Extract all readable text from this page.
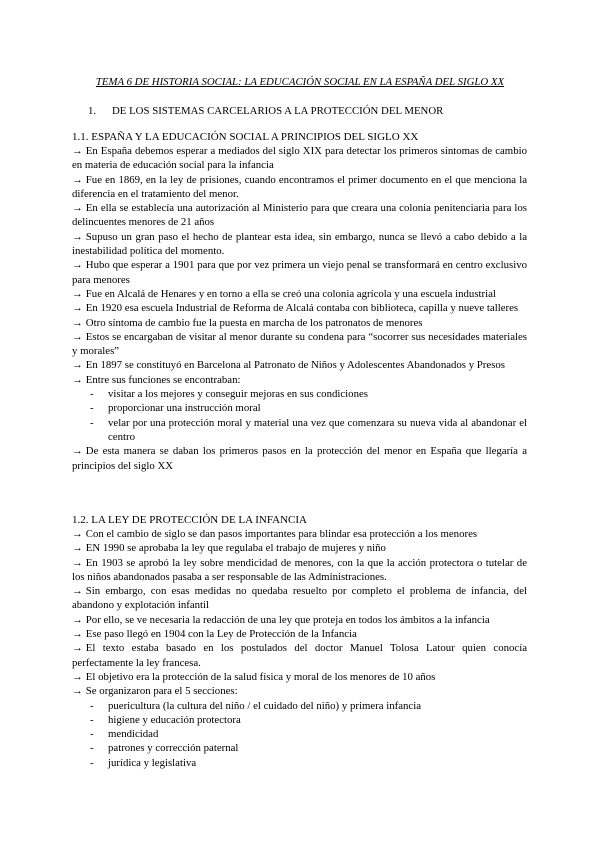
TEMA 6 DE HISTORIA SOCIAL: LA EDUCACIÓN SOCIAL EN LA ESPAÑA DEL SIGLO XX
1. DE LOS SISTEMAS CARCELARIOS A LA PROTECCIÓN DEL MENOR

1.1. ESPAÑA Y LA EDUCACIÓN SOCIAL A PRINCIPIOS DEL SIGLO XX

→ En España debemos esperar a mediados del siglo XIX para detectar los primeros síntomas de cambio en materia de educación social para la infancia

→ Fue en 1869, en la ley de prisiones, cuando encontramos el primer documento en el que menciona la diferencia en el tratamiento del menor.

→ En ella se establecía una autorización al Ministerio para que creara una colonia penitenciaria para los delincuentes menores de 21 años

→ Supuso un gran paso el hecho de plantear esta idea, sin embargo, nunca se llevó a cabo debido a la inestabilidad política del momento.

→ Hubo que esperar a 1901 para que por vez primera un viejo penal se transformará en centro exclusivo para menores

→ Fue en Alcalá de Henares y en torno a ella se creó una colonia agrícola y una escuela industrial

→ En 1920 esa escuela Industrial de Reforma de Alcalá contaba con biblioteca, capilla y nueve talleres

→ Otro síntoma de cambio fue la puesta en marcha de los patronatos de menores

→ Estos se encargaban de visitar al menor durante su condena para “socorrer sus necesidades materiales y morales”

→ En 1897 se constituyó en Barcelona al Patronato de Niños y Adolescentes Abandonados y Presos

→ Entre sus funciones se encontraban:

- visitar a los mejores y conseguir mejoras en sus condiciones
- proporcionar una instrucción moral
- velar por una protección moral y material una vez que comenzara su nueva vida al abandonar el centro

→ De esta manera se daban los primeros pasos en la protección del menor en España que llegaría a principios del siglo XX

1.2. LA LEY DE PROTECCIÓN DE LA INFANCIA

→ Con el cambio de siglo se dan pasos importantes para blindar esa protección a los menores

→ EN 1990 se aprobaba la ley que regulaba el trabajo de mujeres y niño

→ En 1903 se aprobó la ley sobre mendicidad de menores, con la que la acción protectora o tutelar de los niños abandonados pasaba a ser responsable de las Administraciones.

→ Sin embargo, con esas medidas no quedaba resuelto por completo el problema de infancia, del abandono y explotación infantil

→ Por ello, se ve necesaria la redacción de una ley que proteja en todos los ámbitos a la infancia

→ Ese paso llegó en 1904 con la Ley de Protección de la Infancia

→ El texto estaba basado en los postulados del doctor Manuel Tolosa Latour quien conocía perfectamente la ley francesa.

→ El objetivo era la protección de la salud física y moral de los menores de 10 años

→ Se organizaron para el 5 secciones:

- puericultura (la cultura del niño / el cuidado del niño) y primera infancia
- higiene y educación protectora
- mendicidad
- patrones y corrección paternal
- jurídica y legislativa
